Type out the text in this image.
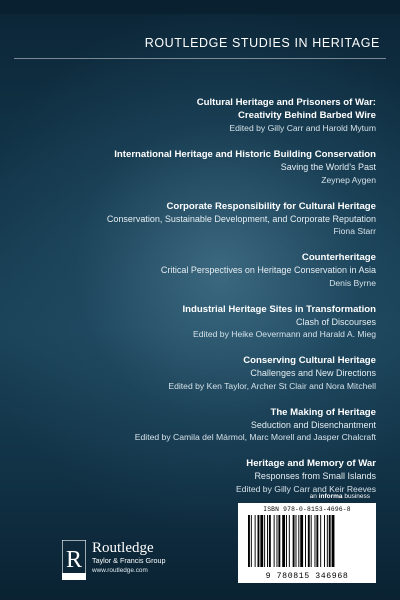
ROUTLEDGE STUDIES IN HERITAGE
Cultural Heritage and Prisoners of War:
Creativity Behind Barbed Wire
Edited by Gilly Carr and Harold Mytum
International Heritage and Historic Building Conservation
Saving the World’s Past
Zeynep Aygen
Corporate Responsibility for Cultural Heritage
Conservation, Sustainable Development, and Corporate Reputation
Fiona Starr
Counterheritage
Critical Perspectives on Heritage Conservation in Asia
Denis Byrne
Industrial Heritage Sites in Transformation
Clash of Discourses
Edited by Heike Oevermann and Harald A. Mieg
Conserving Cultural Heritage
Challenges and New Directions
Edited by Ken Taylor, Archer St Clair and Nora Mitchell
The Making of Heritage
Seduction and Disenchantment
Edited by Camila del Mármol, Marc Morell and Jasper Chalcraft
Heritage and Memory of War
Responses from Small Islands
Edited by Gilly Carr and Keir Reeves
an informa business
ISBN 978-0-8153-4696-8
9 780815 346968
R Routledge
Taylor & Francis Group
www.routledge.com
